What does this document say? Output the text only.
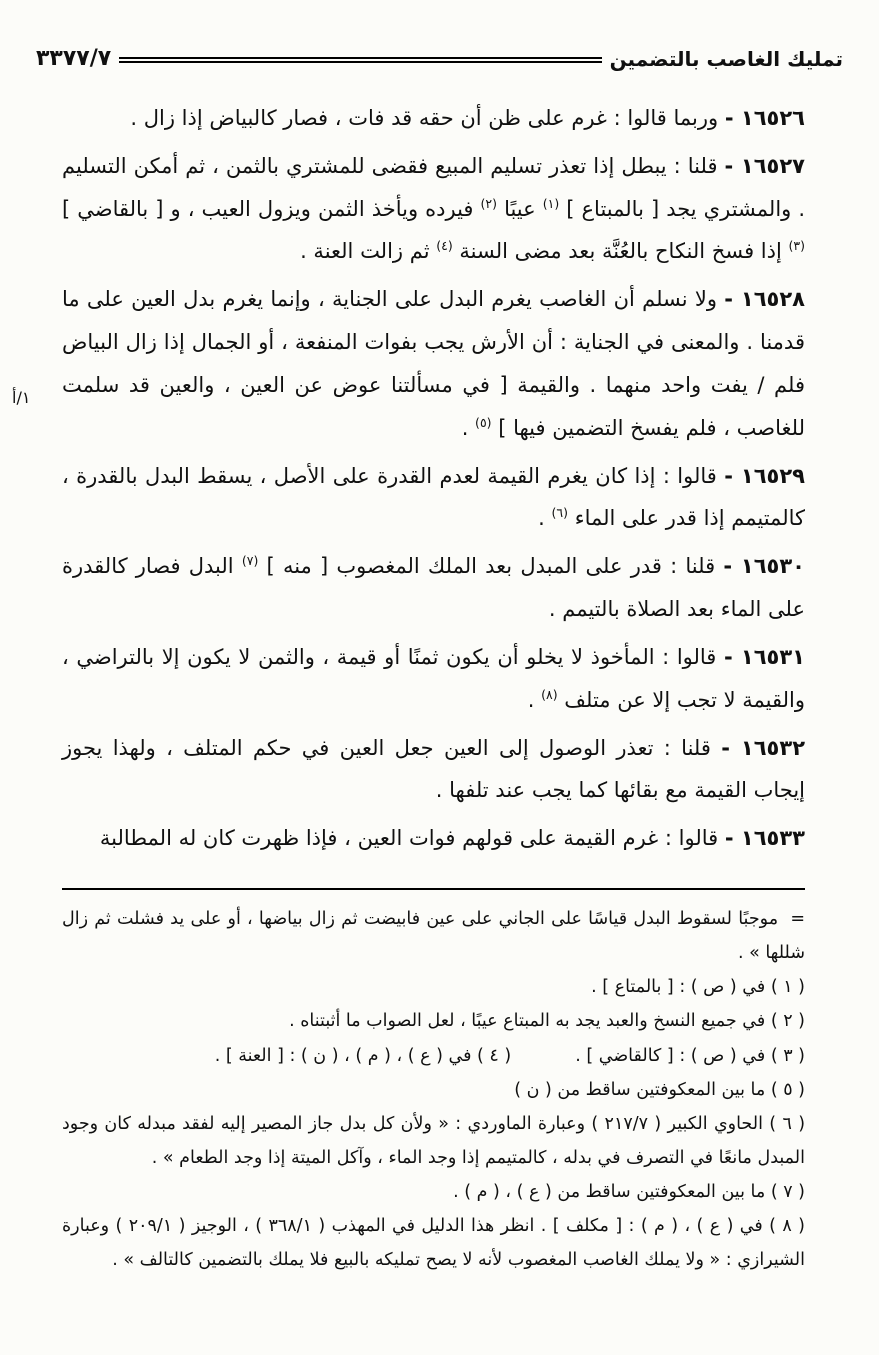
تمليك الغاصب بالتضمين
٣٣٧٧/٧

١٦٥٢٦ - وربما قالوا : غرم على ظن أن حقه قد فات ، فصار كالبياض إذا زال .

١٦٥٢٧ - قلنا : يبطل إذا تعذر تسليم المبيع فقضى للمشتري بالثمن ، ثم أمكن التسليم . والمشتري يجد [ بالمبتاع ] $^{(١)}$ عيبًا $^{(٢)}$ فيرده ويأخذ الثمن ويزول العيب ، و [ بالقاضي ] $^{(٣)}$ إذا فسخ النكاح بالعُنَّة بعد مضى السنة $^{(٤)}$ ثم زالت العنة .

١٦٥٢٨ - ولا نسلم أن الغاصب يغرم البدل على الجناية ، وإنما يغرم بدل العين على ما قدمنا . والمعنى في الجناية : أن الأرش يجب بفوات المنفعة ، أو الجمال إذا زال البياض فلم / يفت واحد منهما . والقيمة [ في مسألتنا عوض عن العين ، والعين قد سلمت للغاصب ، فلم يفسخ التضمين فيها ] $^{(٥)}$ .

١٦٥٢٩ - قالوا : إذا كان يغرم القيمة لعدم القدرة على الأصل ، يسقط البدل بالقدرة ، كالمتيمم إذا قدر على الماء $^{(٦)}$ .

١٦٥٣٠ - قلنا : قدر على المبدل بعد الملك المغصوب [ منه ] $^{(٧)}$ البدل فصار كالقدرة على الماء بعد الصلاة بالتيمم .

١٦٥٣١ - قالوا : المأخوذ لا يخلو أن يكون ثمنًا أو قيمة ، والثمن لا يكون إلا بالتراضي ، والقيمة لا تجب إلا عن متلف $^{(٨)}$ .

١٦٥٣٢ - قلنا : تعذر الوصول إلى العين جعل العين في حكم المتلف ، ولهذا يجوز إيجاب القيمة مع بقائها كما يجب عند تلفها .

١٦٥٣٣ - قالوا : غرم القيمة على قولهم فوات العين ، فإذا ظهرت كان له المطالبة

١/أ

= موجبًا لسقوط البدل قياسًا على الجاني على عين فابيضت ثم زال بياضها ، أو على يد فشلت ثم زال شللها » .

( ١ ) في ( ص ) : [ بالمتاع ] .

( ٢ ) في جميع النسخ والعبد يجد به المبتاع عيبًا ، لعل الصواب ما أثبتناه .

( ٣ ) في ( ص ) : [ كالقاضي ] .
( ٤ ) في ( ع ) ، ( م ) ، ( ن ) : [ العنة ] .

( ٥ ) ما بين المعكوفتين ساقط من ( ن )

( ٦ ) الحاوي الكبير ( ٢١٧/٧ ) وعبارة الماوردي : « ولأن كل بدل جاز المصير إليه لفقد مبدله كان وجود المبدل مانعًا في التصرف في بدله ، كالمتيمم إذا وجد الماء ، وآكل الميتة إذا وجد الطعام » .

( ٧ ) ما بين المعكوفتين ساقط من ( ع ) ، ( م ) .

( ٨ ) في ( ع ) ، ( م ) : [ مكلف ] . انظر هذا الدليل في المهذب ( ٣٦٨/١ ) ، الوجيز ( ٢٠٩/١ ) وعبارة الشيرازي : « ولا يملك الغاصب المغصوب لأنه لا يصح تمليكه بالبيع فلا يملك بالتضمين كالتالف » .
